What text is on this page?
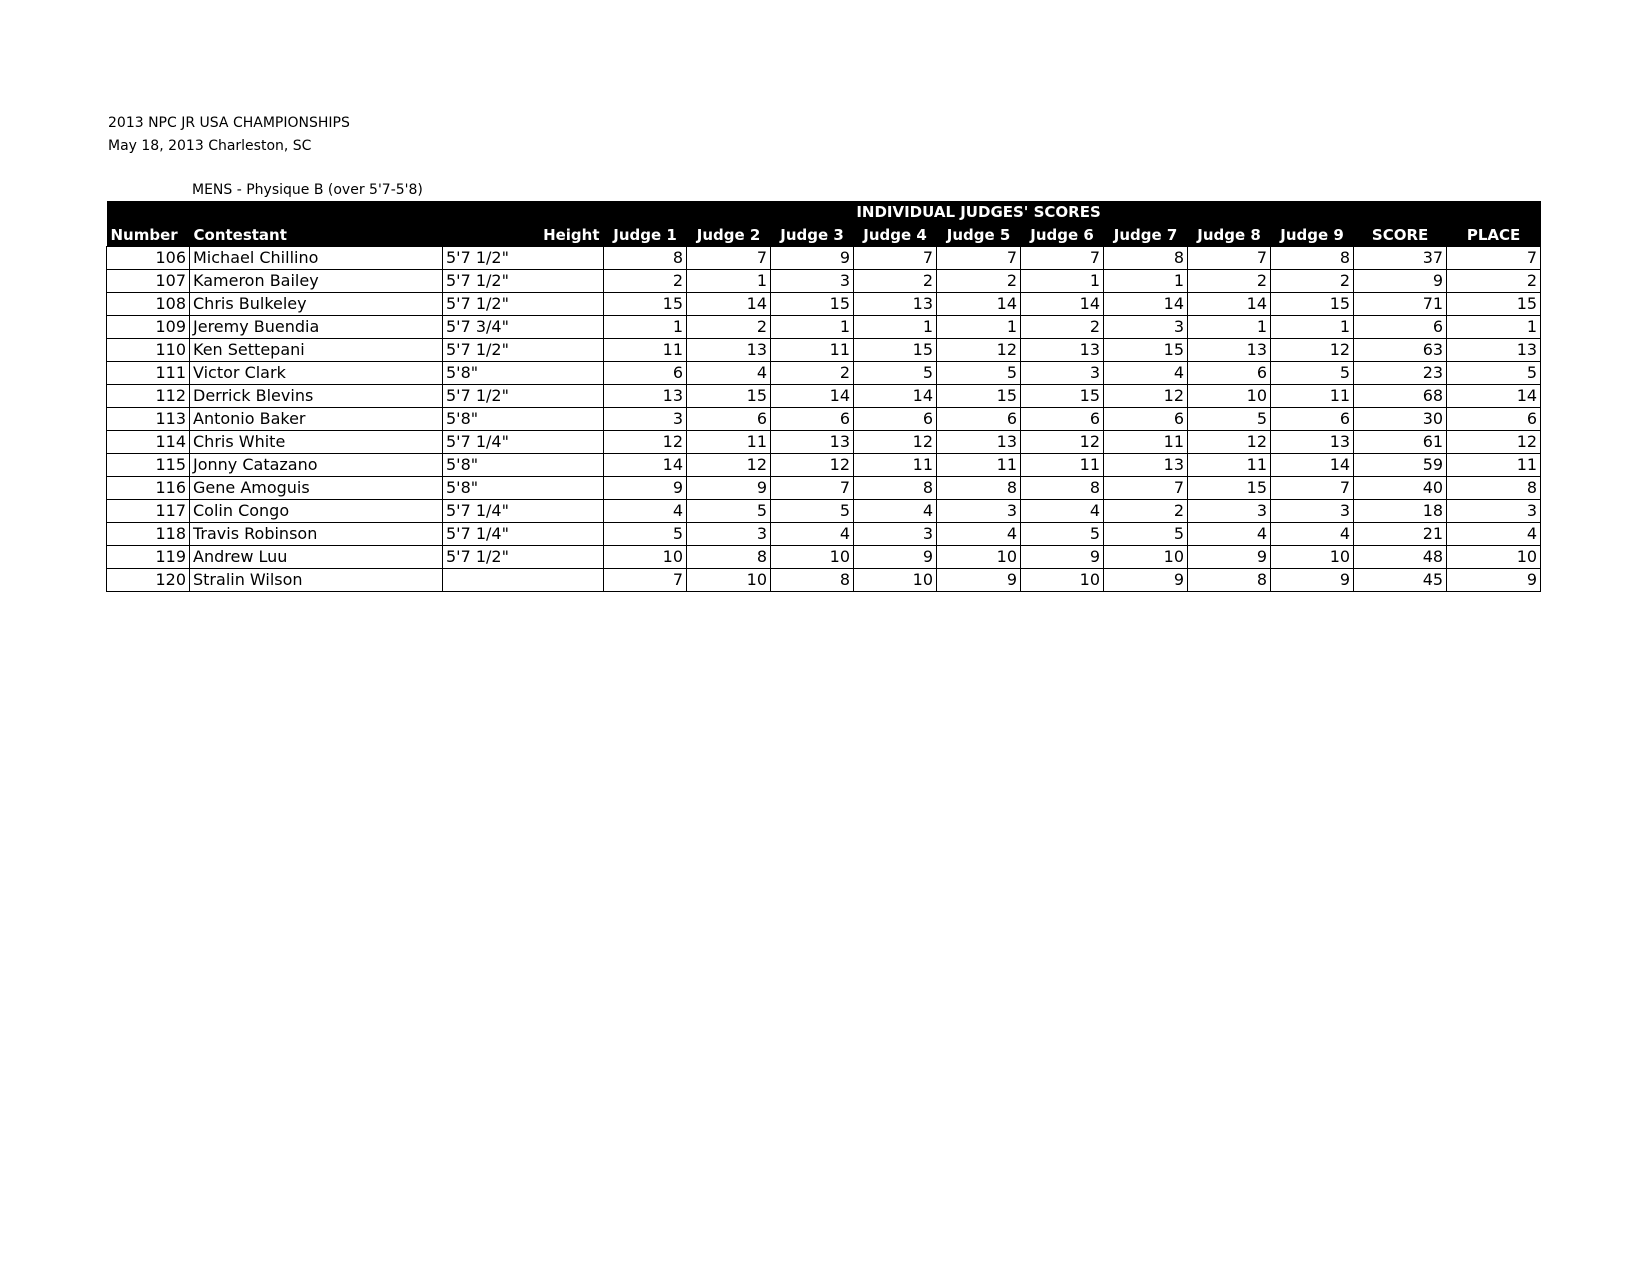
2013 NPC JR USA CHAMPIONSHIPS
May 18, 2013 Charleston, SC
MENS - Physique B (over 5'7-5'8)
			INDIVIDUAL JUDGES' SCORES										
Number	Contestant	Height	Judge 1	Judge 2	Judge 3	Judge 4	Judge 5	Judge 6	Judge 7	Judge 8	Judge 9	SCORE	PLACE
106	Michael Chillino	5'7 1/2"	8	7	9	7	7	7	8	7	8	37	7
107	Kameron Bailey	5'7 1/2"	2	1	3	2	2	1	1	2	2	9	2
108	Chris Bulkeley	5'7 1/2"	15	14	15	13	14	14	14	14	15	71	15
109	Jeremy Buendia	5'7 3/4"	1	2	1	1	1	2	3	1	1	6	1
110	Ken Settepani	5'7 1/2"	11	13	11	15	12	13	15	13	12	63	13
111	Victor Clark	5'8"	6	4	2	5	5	3	4	6	5	23	5
112	Derrick Blevins	5'7 1/2"	13	15	14	14	15	15	12	10	11	68	14
113	Antonio Baker	5'8"	3	6	6	6	6	6	6	5	6	30	6
114	Chris White	5'7 1/4"	12	11	13	12	13	12	11	12	13	61	12
115	Jonny Catazano	5'8"	14	12	12	11	11	11	13	11	14	59	11
116	Gene Amoguis	5'8"	9	9	7	8	8	8	7	15	7	40	8
117	Colin Congo	5'7 1/4"	4	5	5	4	3	4	2	3	3	18	3
118	Travis Robinson	5'7 1/4"	5	3	4	3	4	5	5	4	4	21	4
119	Andrew Luu	5'7 1/2"	10	8	10	9	10	9	10	9	10	48	10
120	Stralin Wilson		7	10	8	10	9	10	9	8	9	45	9
